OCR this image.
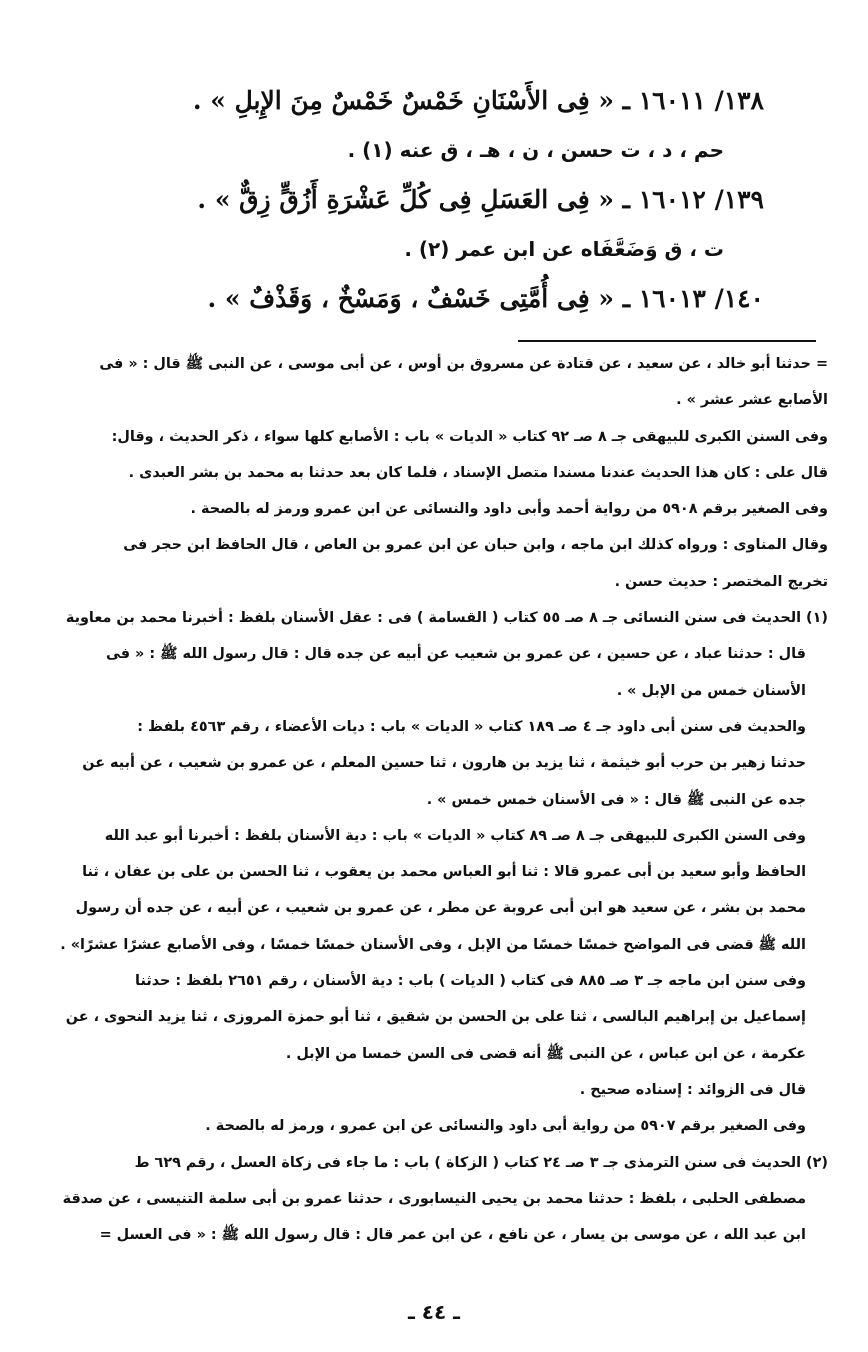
١٣٨/ ١٦٠١١ ـ « فِى الأَسْنَانِ خَمْسٌ خَمْسٌ مِنَ الإِبلِ » .
حم ، د ، ت حسن ، ن ، هـ ، ق عنه (١) .
١٣٩/ ١٦٠١٢ ـ « فِى العَسَلِ فِى كُلِّ عَشْرَةِ أَزُقٍّ زِقٌّ » .
ت ، ق وَضَعَّفَاه عن ابن عمر (٢) .
١٤٠/ ١٦٠١٣ ـ « فِى أُمَّتِى خَسْفٌ ، وَمَسْخٌ ، وَقَذْفٌ » .
= حدثنا أبو خالد ، عن سعيد ، عن قتادة عن مسروق بن أوس ، عن أبى موسى ، عن النبى ﷺ قال : « فى
الأصابع عشر عشر » .
وفى السنن الكبرى للبيهقى جـ ٨ صـ ٩٢ كتاب « الديات » باب : الأصابع كلها سواء ، ذكر الحديث ، وقال:
قال على : كان هذا الحديث عندنا مسندا متصل الإسناد ، فلما كان بعد حدثنا به محمد بن بشر العبدى .
وفى الصغير برقم ٥٩٠٨ من رواية أحمد وأبى داود والنسائى عن ابن عمرو ورمز له بالصحة .
وقال المناوى : ورواه كذلك ابن ماجه ، وابن حبان عن ابن عمرو بن العاص ، قال الحافظ ابن حجر فى
تخريج المختصر : حديث حسن .
(١) الحديث فى سنن النسائى جـ ٨ صـ ٥٥ كتاب ( القسامة ) فى : عقل الأسنان بلفظ : أخبرنا محمد بن معاوية
قال : حدثنا عباد ، عن حسين ، عن عمرو بن شعيب عن أبيه عن جده قال : قال رسول الله ﷺ : « فى
الأسنان خمس من الإبل » .
والحديث فى سنن أبى داود جـ ٤ صـ ١٨٩ كتاب « الديات » باب : ديات الأعضاء ، رقم ٤٥٦٣ بلفظ :
حدثنا زهير بن حرب أبو خيثمة ، ثنا يزيد بن هارون ، ثنا حسين المعلم ، عن عمرو بن شعيب ، عن أبيه عن
جده عن النبى ﷺ قال : « فى الأسنان خمس خمس » .
وفى السنن الكبرى للبيهقى جـ ٨ صـ ٨٩ كتاب « الديات » باب : دية الأسنان بلفظ : أخبرنا أبو عبد الله
الحافظ وأبو سعيد بن أبى عمرو قالا : ثنا أبو العباس محمد بن يعقوب ، ثنا الحسن بن على بن عفان ، ثنا
محمد بن بشر ، عن سعيد هو ابن أبى عروبة عن مطر ، عن عمرو بن شعيب ، عن أبيه ، عن جده أن رسول
الله ﷺ قضى فى المواضح خمسًا خمسًا من الإبل ، وفى الأسنان خمسًا خمسًا ، وفى الأصابع عشرًا عشرًا» .
وفى سنن ابن ماجه جـ ٣ صـ ٨٨٥ فى كتاب ( الديات ) باب : دية الأسنان ، رقم ٢٦٥١ بلفظ : حدثنا
إسماعيل بن إبراهيم البالسى ، ثنا على بن الحسن بن شقيق ، ثنا أبو حمزة المروزى ، ثنا يزيد النحوى ، عن
عكرمة ، عن ابن عباس ، عن النبى ﷺ أنه قضى فى السن خمسا من الإبل .
قال فى الزوائد : إسناده صحيح .
وفى الصغير برقم ٥٩٠٧ من رواية أبى داود والنسائى عن ابن عمرو ، ورمز له بالصحة .
(٢) الحديث فى سنن الترمذى جـ ٣ صـ ٢٤ كتاب ( الزكاة ) باب : ما جاء فى زكاة العسل ، رقم ٦٢٩ ط
مصطفى الحلبى ، بلفظ : حدثنا محمد بن يحيى النيسابورى ، حدثنا عمرو بن أبى سلمة التنيسى ، عن صدقة
ابن عبد الله ، عن موسى بن يسار ، عن نافع ، عن ابن عمر قال : قال رسول الله ﷺ : « فى العسل =
ـ ٤٤ ـ
